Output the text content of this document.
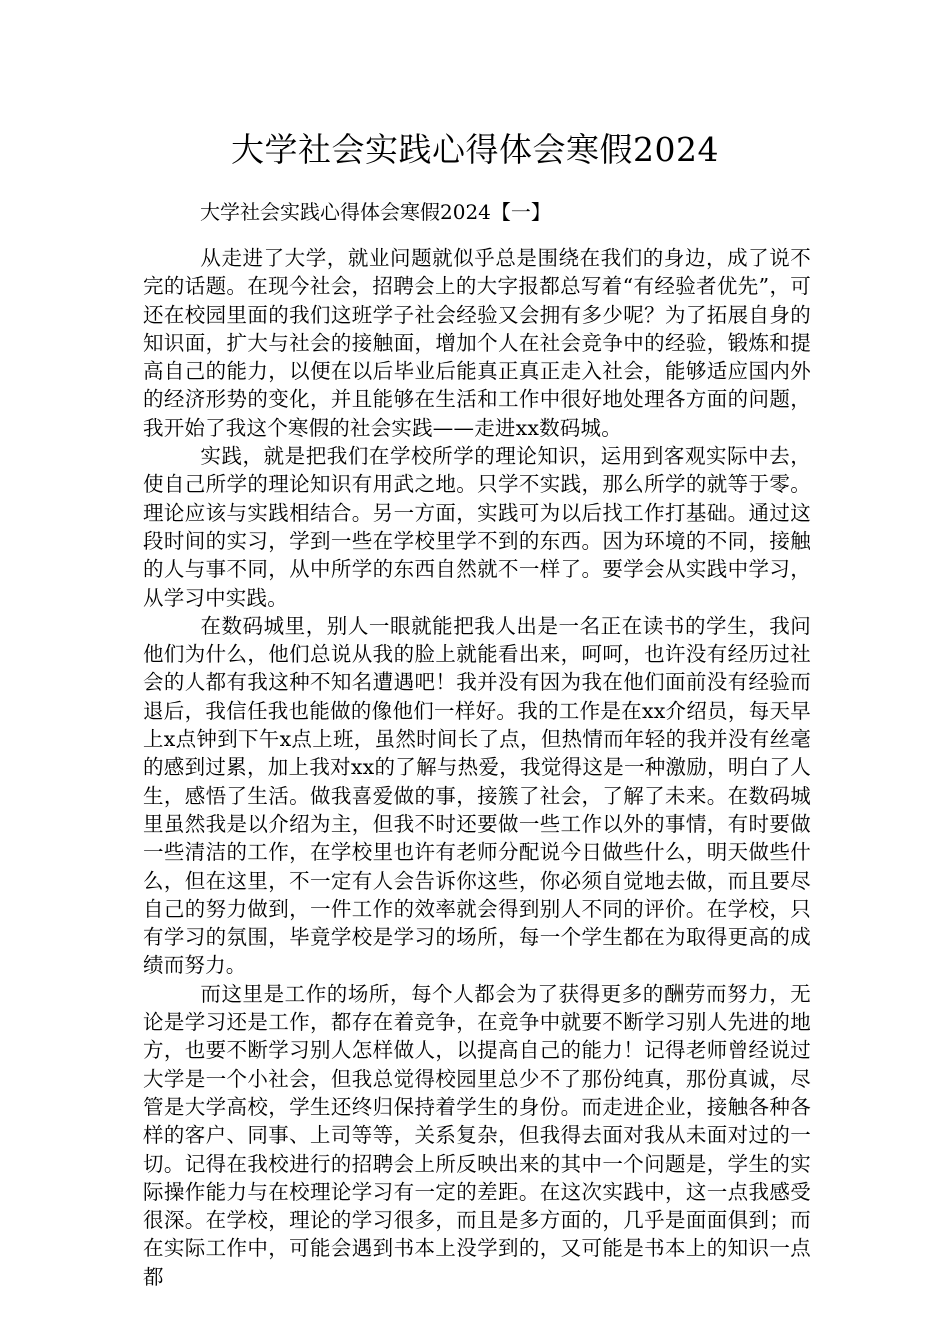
大学社会实践心得体会寒假2024

大学社会实践心得体会寒假2024【一】

从走进了大学，就业问题就似乎总是围绕在我们的身边，成了说不完的话题。在现今社会，招聘会上的大字报都总写着“有经验者优先”，可还在校园里面的我们这班学子社会经验又会拥有多少呢？为了拓展自身的知识面，扩大与社会的接触面，增加个人在社会竞争中的经验，锻炼和提高自己的能力，以便在以后毕业后能真正真正走入社会，能够适应国内外的经济形势的变化，并且能够在生活和工作中很好地处理各方面的问题，我开始了我这个寒假的社会实践——走进xx数码城。

实践，就是把我们在学校所学的理论知识，运用到客观实际中去，使自己所学的理论知识有用武之地。只学不实践，那么所学的就等于零。理论应该与实践相结合。另一方面，实践可为以后找工作打基础。通过这段时间的实习，学到一些在学校里学不到的东西。因为环境的不同，接触的人与事不同，从中所学的东西自然就不一样了。要学会从实践中学习，从学习中实践。

在数码城里，别人一眼就能把我人出是一名正在读书的学生，我问他们为什么，他们总说从我的脸上就能看出来，呵呵，也许没有经历过社会的人都有我这种不知名遭遇吧！我并没有因为我在他们面前没有经验而退后，我信任我也能做的像他们一样好。我的工作是在xx介绍员，每天早上x点钟到下午x点上班，虽然时间长了点，但热情而年轻的我并没有丝毫的感到过累，加上我对xx的了解与热爱，我觉得这是一种激励，明白了人生，感悟了生活。做我喜爱做的事，接簇了社会，了解了未来。在数码城里虽然我是以介绍为主，但我不时还要做一些工作以外的事情，有时要做一些清洁的工作，在学校里也许有老师分配说今日做些什么，明天做些什么，但在这里，不一定有人会告诉你这些，你必须自觉地去做，而且要尽自己的努力做到，一件工作的效率就会得到别人不同的评价。在学校，只有学习的氛围，毕竟学校是学习的场所，每一个学生都在为取得更高的成绩而努力。

而这里是工作的场所，每个人都会为了获得更多的酬劳而努力，无论是学习还是工作，都存在着竞争，在竞争中就要不断学习别人先进的地方，也要不断学习别人怎样做人，以提高自己的能力！记得老师曾经说过大学是一个小社会，但我总觉得校园里总少不了那份纯真，那份真诚，尽管是大学高校，学生还终归保持着学生的身份。而走进企业，接触各种各样的客户、同事、上司等等，关系复杂，但我得去面对我从未面对过的一切。记得在我校进行的招聘会上所反映出来的其中一个问题是，学生的实际操作能力与在校理论学习有一定的差距。在这次实践中，这一点我感受很深。在学校，理论的学习很多，而且是多方面的，几乎是面面俱到；而在实际工作中，可能会遇到书本上没学到的，又可能是书本上的知识一点都
